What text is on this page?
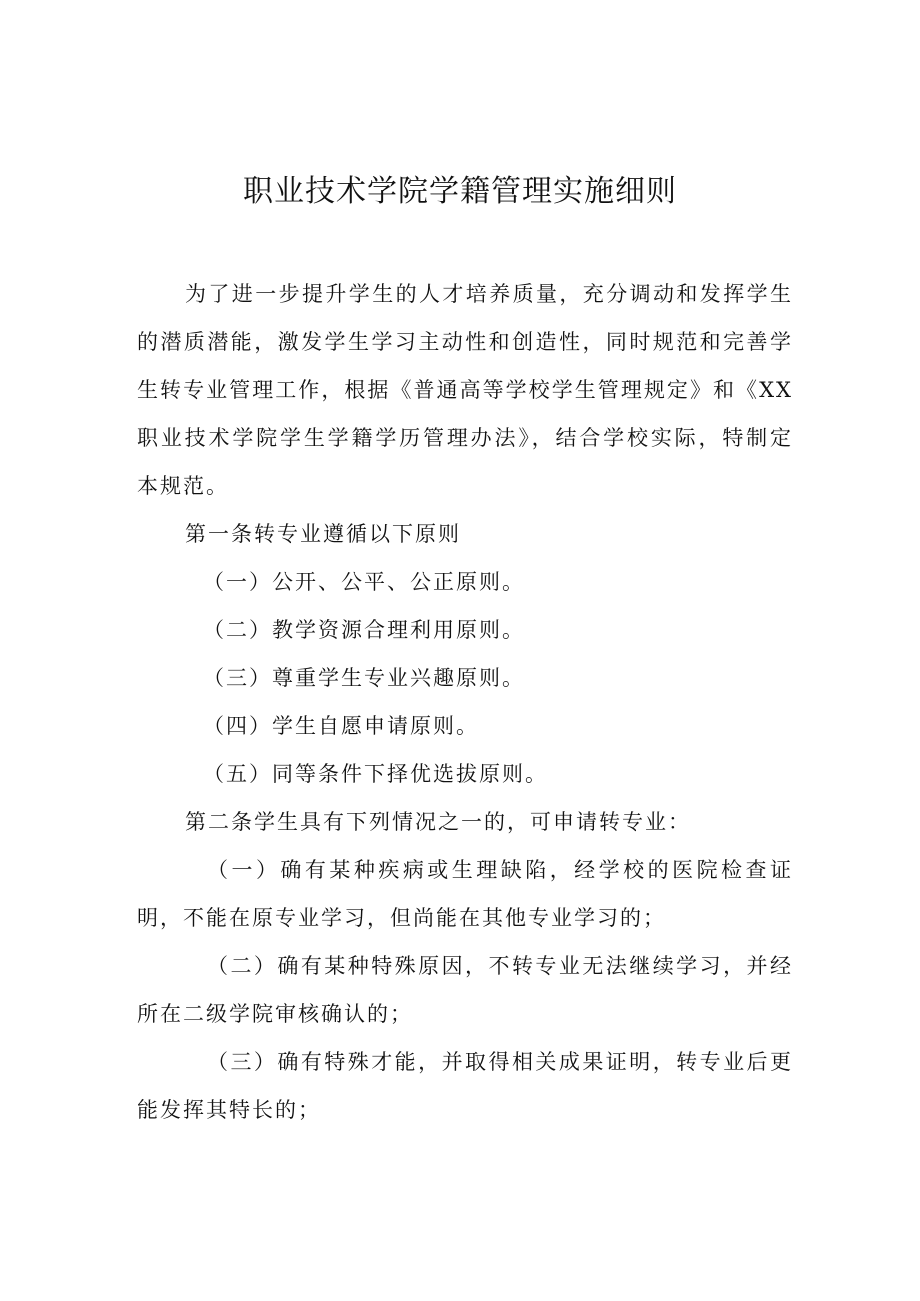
职业技术学院学籍管理实施细则

为了进一步提升学生的人才培养质量，充分调动和发挥学生的潜质潜能，激发学生学习主动性和创造性，同时规范和完善学生转专业管理工作，根据《普通高等学校学生管理规定》和《XX职业技术学院学生学籍学历管理办法》，结合学校实际，特制定本规范。

第一条转专业遵循以下原则

（一）公开、公平、公正原则。

（二）教学资源合理利用原则。

（三）尊重学生专业兴趣原则。

（四）学生自愿申请原则。

（五）同等条件下择优选拔原则。

第二条学生具有下列情况之一的，可申请转专业：

（一）确有某种疾病或生理缺陷，经学校的医院检查证明，不能在原专业学习，但尚能在其他专业学习的；

（二）确有某种特殊原因，不转专业无法继续学习，并经所在二级学院审核确认的；

（三）确有特殊才能，并取得相关成果证明，转专业后更能发挥其特长的；
